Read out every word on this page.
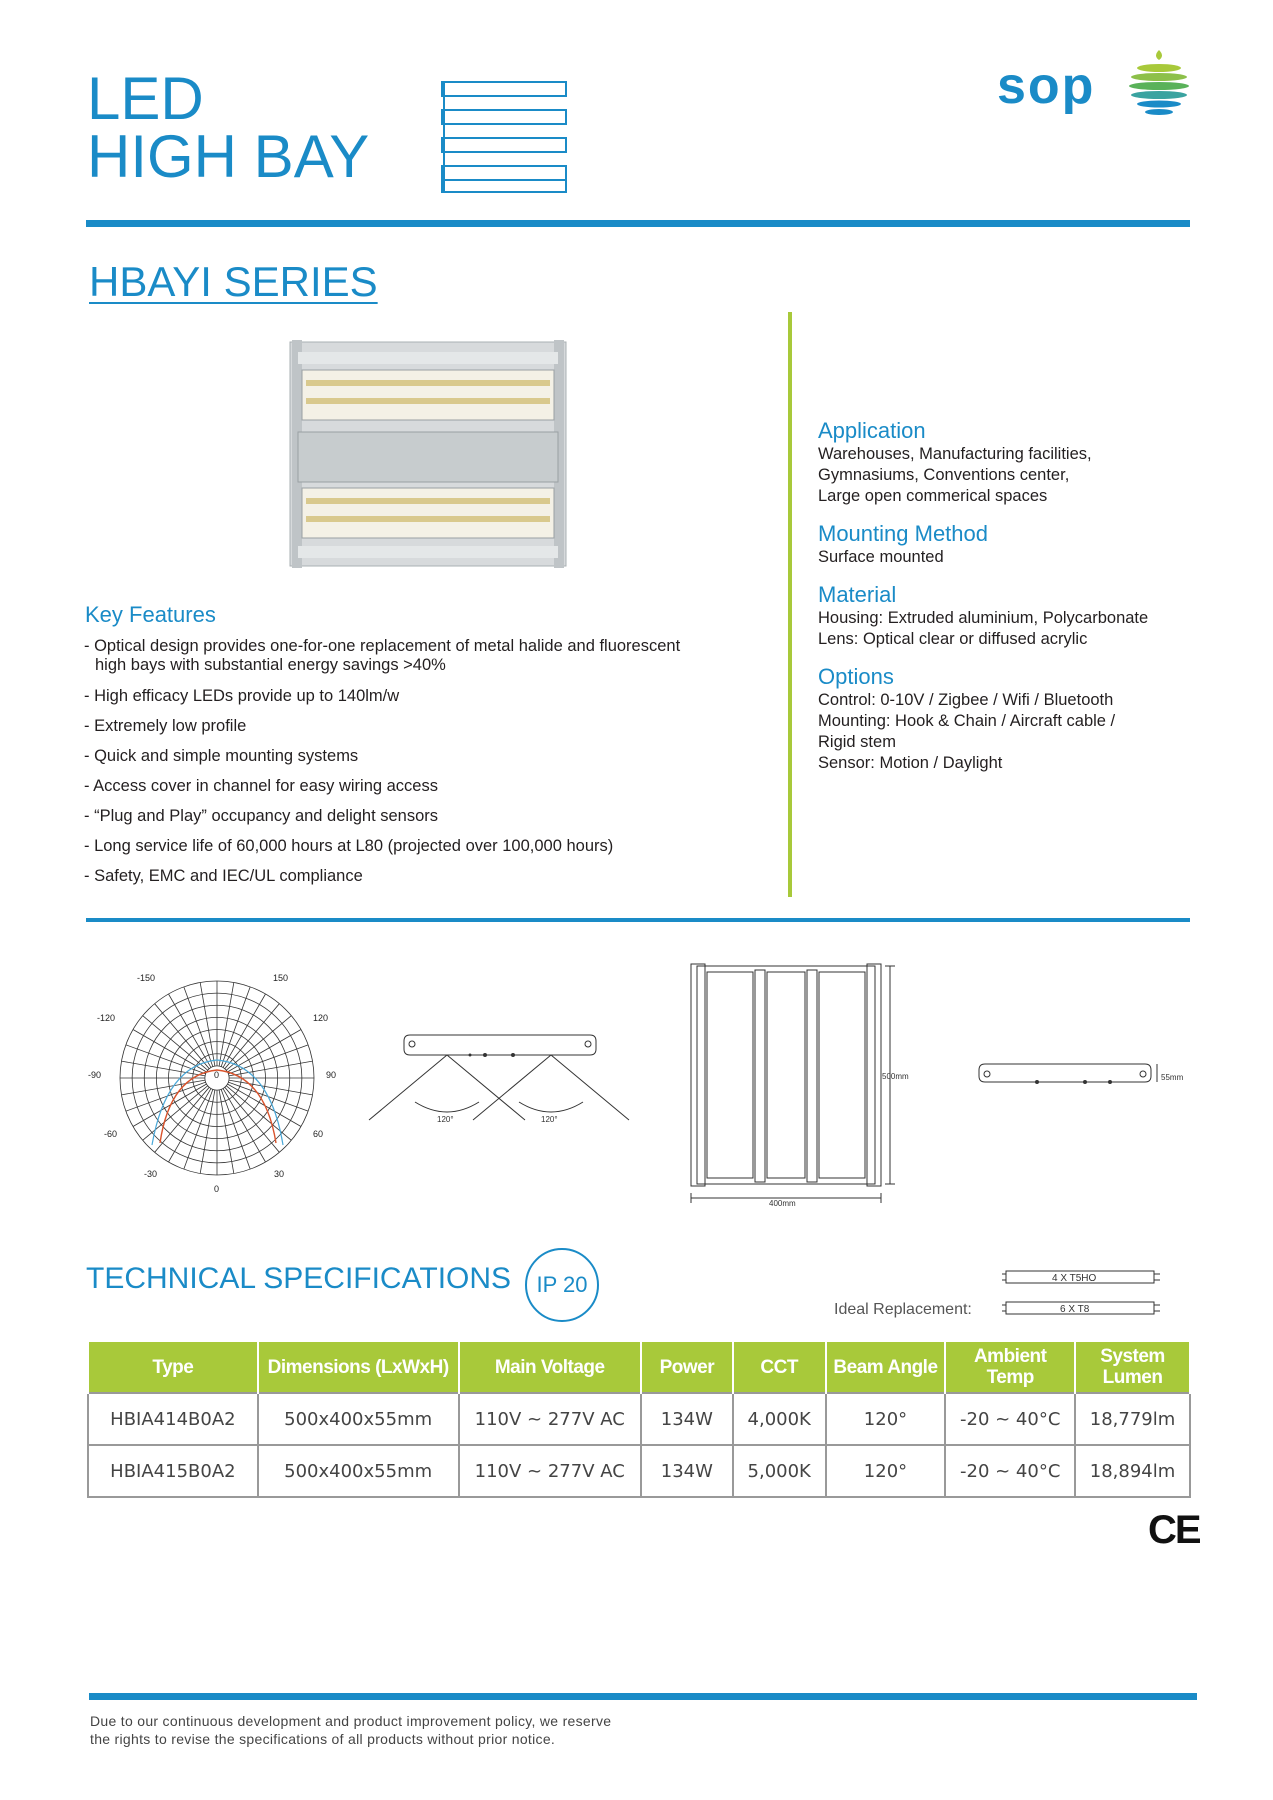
LED
HIGH BAY
sop
HBAYI SERIES
Application
Warehouses, Manufacturing facilities,
Gymnasiums, Conventions center,
Large open commerical spaces
Mounting Method
Surface mounted
Material
Housing: Extruded aluminium, Polycarbonate
Lens: Optical clear or diffused acrylic
Options
Control: 0-10V / Zigbee / Wifi / Bluetooth
Mounting: Hook & Chain / Aircraft cable /
Rigid stem
Sensor: Motion / Daylight
Key Features
- Optical design provides one-for-one replacement of metal halide and fluorescent
high bays with substantial energy savings >40%
- High efficacy LEDs provide up to 140lm/w
- Extremely low profile
- Quick and simple mounting systems
- Access cover in channel for easy wiring access
- “Plug and Play” occupancy and delight sensors
- Long service life of 60,000 hours at L80 (projected over 100,000 hours)
- Safety, EMC and IEC/UL compliance
-150	150
-120	120
-90	90
-60	60
-30	30
0
0
120°	120°
500mm
400mm
55mm
TECHNICAL SPECIFICATIONS IP 20
Ideal Replacement:
4 X T5HO
6 X T8
Type	Dimensions (LxWxH)	Main Voltage	Power	CCT	Beam Angle	Ambient Temp	System Lumen
HBIA414B0A2	500x400x55mm	110V ~ 277V AC	134W	4,000K	120°	-20 ~ 40°C	18,779lm
HBIA415B0A2	500x400x55mm	110V ~ 277V AC	134W	5,000K	120°	-20 ~ 40°C	18,894lm
CE
Due to our continuous development and product improvement policy, we reserve
the rights to revise the specifications of all products without prior notice.
